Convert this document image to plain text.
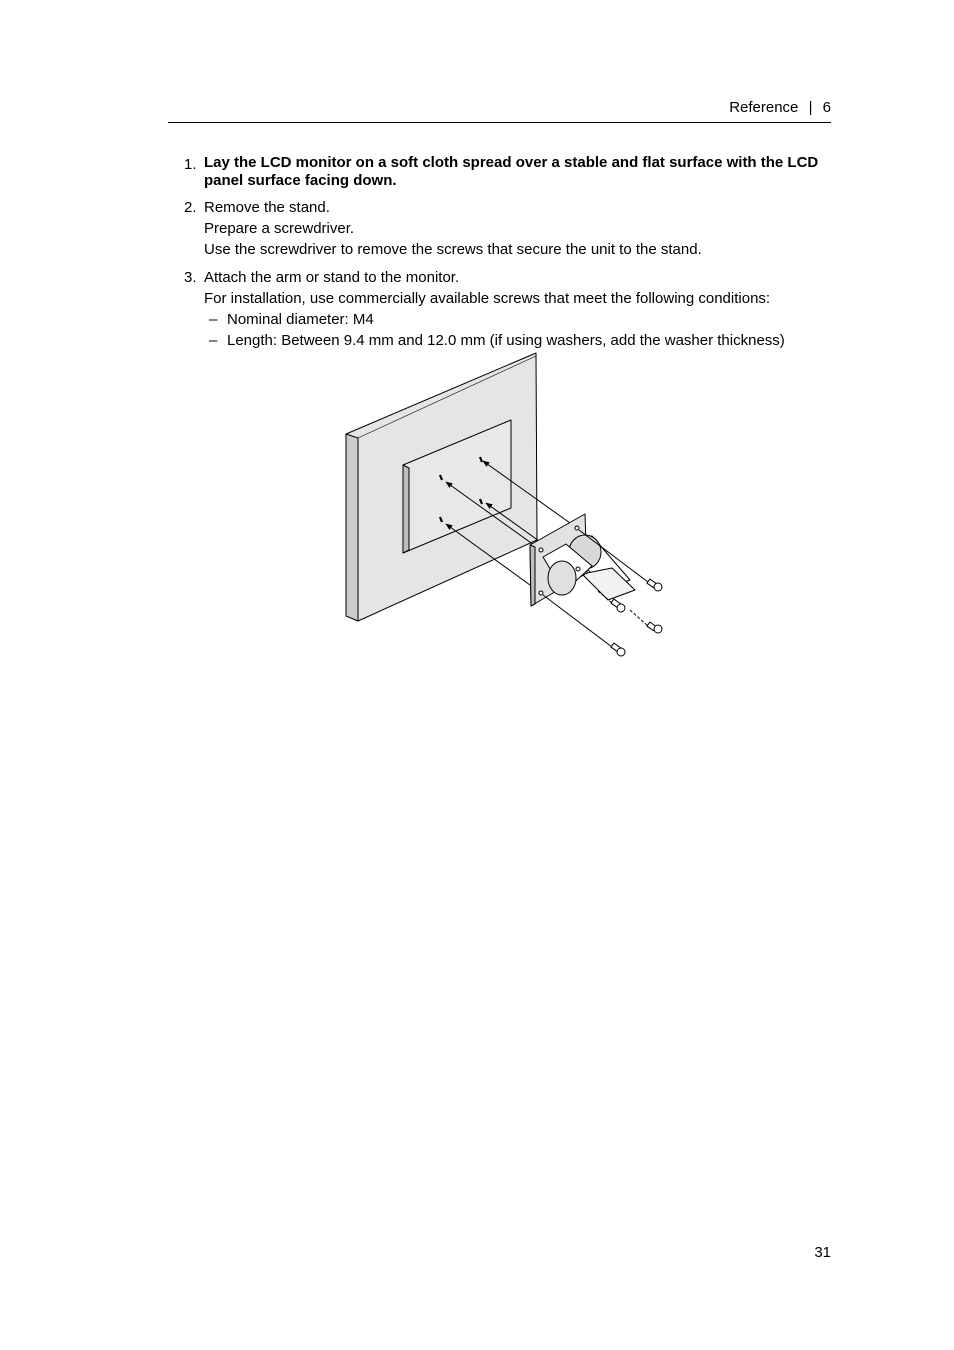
Reference | 6
1. Lay the LCD monitor on a soft cloth spread over a stable and flat surface with the LCD panel surface facing down.
2. Remove the stand.
Prepare a screwdriver.
Use the screwdriver to remove the screws that secure the unit to the stand.
3. Attach the arm or stand to the monitor.
For installation, use commercially available screws that meet the following conditions:
– Nominal diameter: M4
– Length: Between 9.4 mm and 12.0 mm (if using washers, add the washer thickness)
31
